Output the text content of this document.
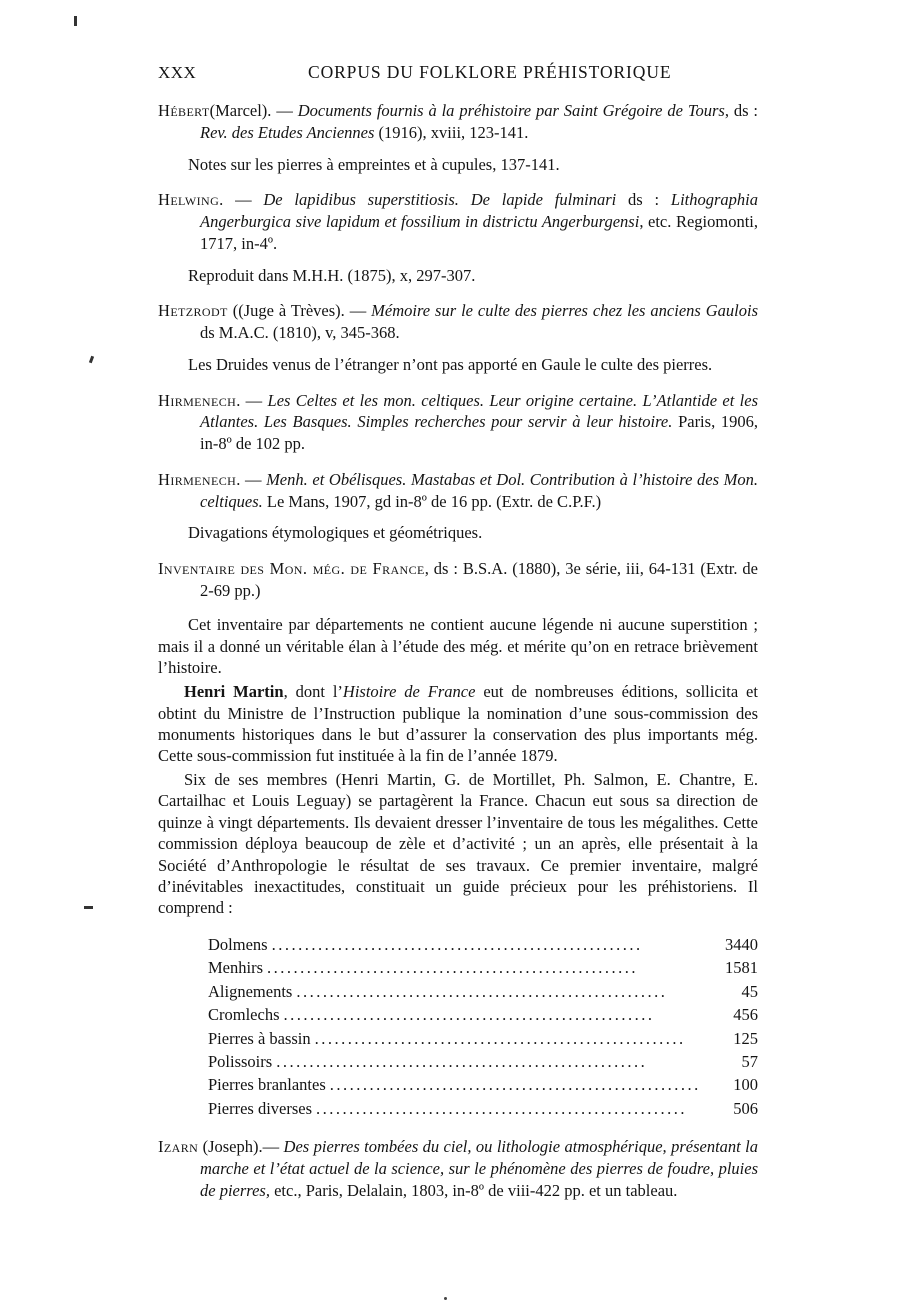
XXX	CORPUS DU FOLKLORE PRÉHISTORIQUE
Hébert(Marcel). — Documents fournis à la préhistoire par Saint Grégoire de Tours, ds : Rev. des Etudes Anciennes (1916), xviii, 123-141.
Notes sur les pierres à empreintes et à cupules, 137-141.
Helwing. — De lapidibus superstitiosis. De lapide fulminari ds : Lithographia Angerburgica sive lapidum et fossilium in districtu Angerburgensi, etc. Regiomonti, 1717, in-4º.
Reproduit dans M.H.H. (1875), x, 297-307.
Hetzrodt ((Juge à Trèves). — Mémoire sur le culte des pierres chez les anciens Gaulois ds M.A.C. (1810), v, 345-368.
Les Druides venus de l’étranger n’ont pas apporté en Gaule le culte des pierres.
Hirmenech. — Les Celtes et les mon. celtiques. Leur origine certaine. L’Atlantide et les Atlantes. Les Basques. Simples recherches pour servir à leur histoire. Paris, 1906, in-8º de 102 pp.
Hirmenech. — Menh. et Obélisques. Mastabas et Dol. Contribution à l’histoire des Mon. celtiques. Le Mans, 1907, gd in-8º de 16 pp. (Extr. de C.P.F.)
Divagations étymologiques et géométriques.
Inventaire des Mon. még. de France, ds : B.S.A. (1880), 3e série, iii, 64-131 (Extr. de 2-69 pp.)
Cet inventaire par départements ne contient aucune légende ni aucune superstition ; mais il a donné un véritable élan à l’étude des még. et mérite qu’on en retrace brièvement l’histoire.
Henri Martin, dont l’Histoire de France eut de nombreuses éditions, sollicita et obtint du Ministre de l’Instruction publique la nomination d’une sous-commission des monuments historiques dans le but d’assurer la conservation des plus importants még. Cette sous-commission fut instituée à la fin de l’année 1879.
Six de ses membres (Henri Martin, G. de Mortillet, Ph. Salmon, E. Chantre, E. Cartailhac et Louis Leguay) se partagèrent la France. Chacun eut sous sa direction de quinze à vingt départements. Ils devaient dresser l’inventaire de tous les mégalithes. Cette commission déploya beaucoup de zèle et d’activité ; un an après, elle présentait à la Société d’Anthropologie le résultat de ses travaux. Ce premier inventaire, malgré d’inévitables inexactitudes, constituait un guide précieux pour les préhistoriens. Il comprend :
Dolmens ........................................................	3440
Menhirs ........................................................	1581
Alignements ........................................................	45
Cromlechs ........................................................	456
Pierres à bassin ........................................................	125
Polissoirs ........................................................	57
Pierres branlantes ........................................................	100
Pierres diverses ........................................................	506
Izarn (Joseph).— Des pierres tombées du ciel, ou lithologie atmosphérique, présentant la marche et l’état actuel de la science, sur le phénomène des pierres de foudre, pluies de pierres, etc., Paris, Delalain, 1803, in-8º de viii-422 pp. et un tableau.
